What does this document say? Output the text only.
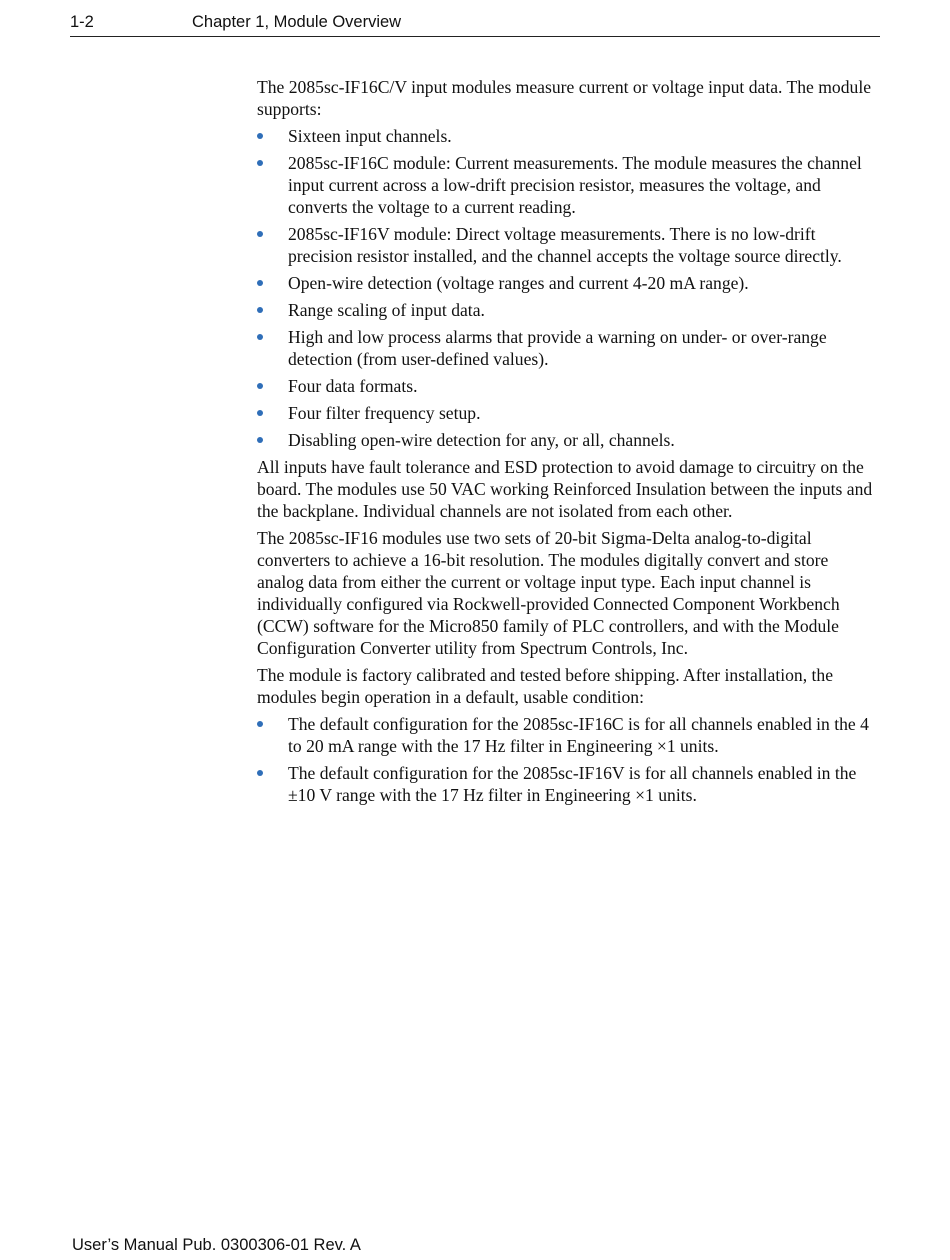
1-2	Chapter 1, Module Overview

The 2085sc-IF16C/V input modules measure current or voltage input data. The module supports:

Sixteen input channels.
2085sc-IF16C module: Current measurements. The module measures the channel input current across a low-drift precision resistor, measures the voltage, and converts the voltage to a current reading.
2085sc-IF16V module: Direct voltage measurements. There is no low-drift precision resistor installed, and the channel accepts the voltage source directly.
Open-wire detection (voltage ranges and current 4-20 mA range).
Range scaling of input data.
High and low process alarms that provide a warning on under- or over-range detection (from user-defined values).
Four data formats.
Four filter frequency setup.
Disabling open-wire detection for any, or all, channels.

All inputs have fault tolerance and ESD protection to avoid damage to circuitry on the board. The modules use 50 VAC working Reinforced Insulation between the inputs and the backplane. Individual channels are not isolated from each other.

The 2085sc-IF16 modules use two sets of 20-bit Sigma-Delta analog-to-digital converters to achieve a 16-bit resolution. The modules digitally convert and store analog data from either the current or voltage input type. Each input channel is individually configured via Rockwell-provided Connected Component Workbench (CCW) software for the Micro850 family of PLC controllers, and with the Module Configuration Converter utility from Spectrum Controls, Inc.

The module is factory calibrated and tested before shipping. After installation, the modules begin operation in a default, usable condition:

The default configuration for the 2085sc-IF16C is for all channels enabled in the 4 to 20 mA range with the 17 Hz filter in Engineering ×1 units.
The default configuration for the 2085sc-IF16V is for all channels enabled in the ±10 V range with the 17 Hz filter in Engineering ×1 units.
User’s Manual Pub. 0300306-01 Rev. A
